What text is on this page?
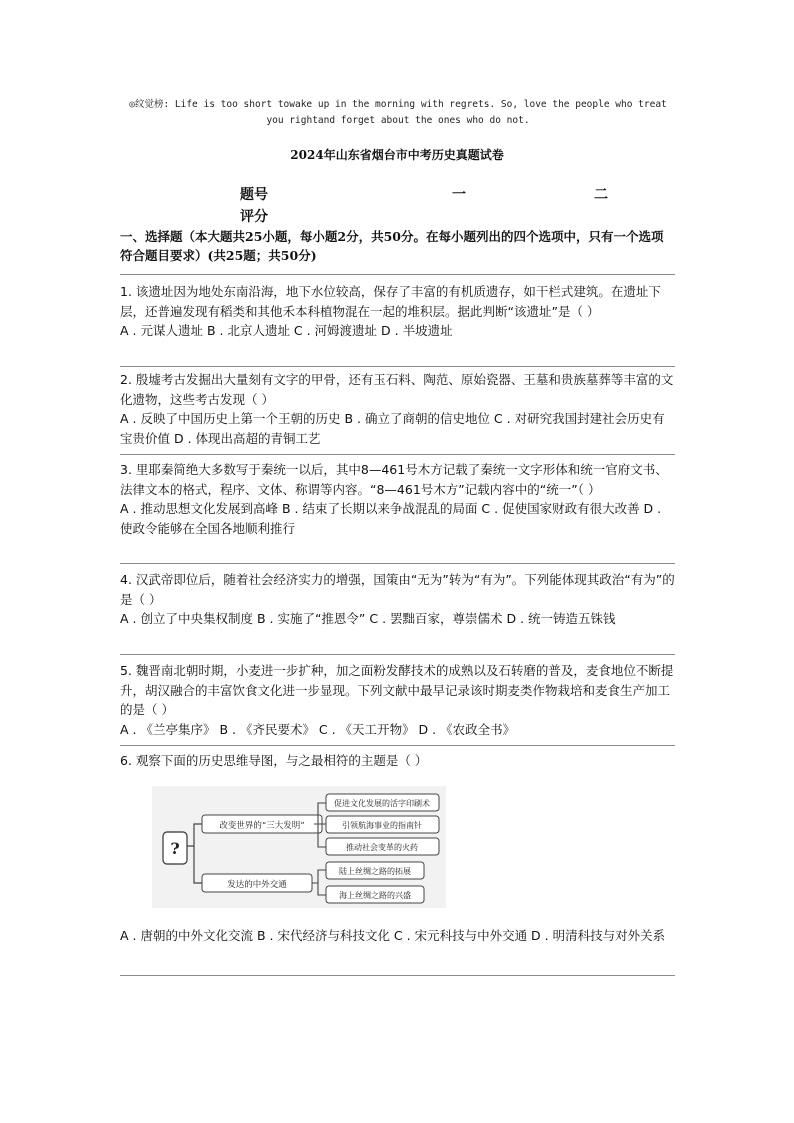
◎纹觉榜: Life is too short towake up in the morning with regrets. So, love the people who treat
you rightand forget about the ones who do not.
2024年山东省烟台市中考历史真题试卷
题号	一	二
评分
一、选择题（本大题共25小题，每小题2分，共50分。在每小题列出的四个选项中，只有一个选项符合题目要求）(共25题；共50分)

1. 该遗址因为地处东南沿海，地下水位较高，保存了丰富的有机质遗存，如干栏式建筑。在遗址下层，还普遍发现有稻类和其他禾本科植物混在一起的堆积层。据此判断“该遗址”是（ ）

A . 元谋人遗址 B . 北京人遗址 C . 河姆渡遗址 D . 半坡遗址

2. 殷墟考古发掘出大量刻有文字的甲骨，还有玉石料、陶范、原始瓷器、王墓和贵族墓葬等丰富的文化遗物，这些考古发现（ ）

A . 反映了中国历史上第一个王朝的历史 B . 确立了商朝的信史地位 C . 对研究我国封建社会历史有宝贵价值 D . 体现出高超的青铜工艺

3. 里耶秦简绝大多数写于秦统一以后，其中8—461号木方记载了秦统一文字形体和统一官府文书、法律文本的格式，程序、文体、称谓等内容。“8—461号木方”记载内容中的“统一”（ ）

A . 推动思想文化发展到高峰 B . 结束了长期以来争战混乱的局面 C . 促使国家财政有很大改善 D . 使政令能够在全国各地顺利推行

4. 汉武帝即位后，随着社会经济实力的增强，国策由“无为”转为“有为”。下列能体现其政治“有为”的是（ ）

A . 创立了中央集权制度 B . 实施了“推恩令” C . 罢黜百家，尊崇儒术 D . 统一铸造五铢钱

5. 魏晋南北朝时期，小麦进一步扩种，加之面粉发酵技术的成熟以及石转磨的普及，麦食地位不断提升，胡汉融合的丰富饮食文化进一步显现。下列文献中最早记录该时期麦类作物栽培和麦食生产加工的是（ ）

A . 《兰亭集序》 B . 《齐民要术》 C . 《天工开物》 D . 《农政全书》

6. 观察下面的历史思维导图，与之最相符的主题是（ ）

?
改变世界的“三大发明”
促进文化发展的活字印刷术
引领航海事业的指南针
推动社会变革的火药
发达的中外交通
陆上丝绸之路的拓展
海上丝绸之路的兴盛

A . 唐朝的中外文化交流 B . 宋代经济与科技文化 C . 宋元科技与中外交通 D . 明清科技与对外关系
